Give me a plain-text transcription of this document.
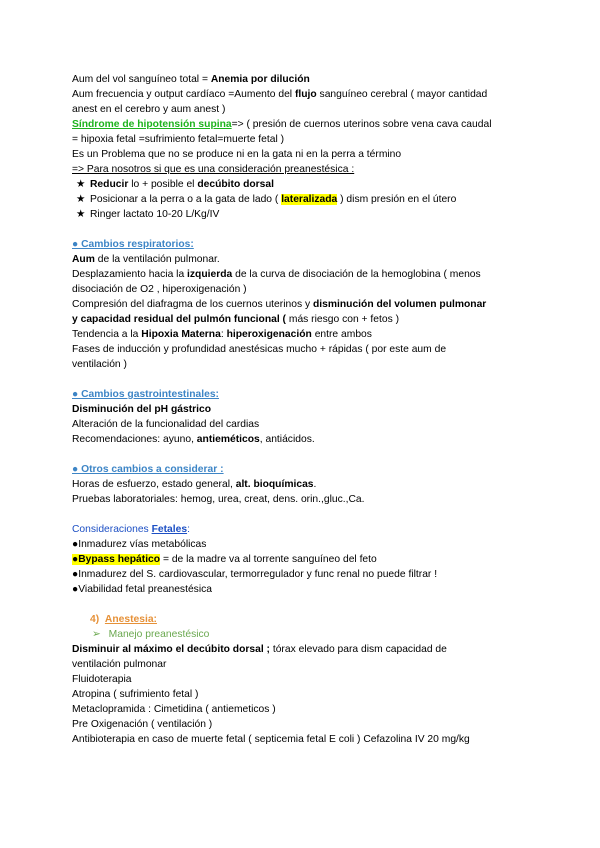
Aum del vol sanguíneo total = Anemia por dilución

Aum frecuencia y output cardíaco =Aumento del flujo sanguíneo cerebral ( mayor cantidad

anest en el cerebro y aum anest )

Síndrome de hipotensión supina=> ( presión de cuernos uterinos sobre vena cava caudal

= hipoxia fetal =sufrimiento fetal=muerte fetal )

Es un Problema que no se produce ni en la gata ni en la perra a término

=> Para nosotros si que es una consideración preanestésica :

★ Reducir lo + posible el decúbito dorsal

★ Posicionar a la perra o a la gata de lado ( lateralizada ) dism presión en el útero

★ Ringer lactato 10-20 L/Kg/IV

● Cambios respiratorios:

Aum de la ventilación pulmonar.

Desplazamiento hacia la izquierda de la curva de disociación de la hemoglobina ( menos

disociación de O2 , hiperoxigenación )

Compresión del diafragma de los cuernos uterinos y disminución del volumen pulmonar

y capacidad residual del pulmón funcional ( más riesgo con + fetos )

Tendencia a la Hipoxia Materna: hiperoxigenación entre ambos

Fases de inducción y profundidad anestésicas mucho + rápidas ( por este aum de

ventilación )

● Cambios gastrointestinales:

Disminución del pH gástrico

Alteración de la funcionalidad del cardias

Recomendaciones: ayuno, antieméticos, antiácidos.

● Otros cambios a considerar :

Horas de esfuerzo, estado general, alt. bioquímicas.

Pruebas laboratoriales: hemog, urea, creat, dens. orin.,gluc.,Ca.

Consideraciones Fetales:

●Inmadurez vías metabólicas

●Bypass hepático = de la madre va al torrente sanguíneo del feto

●Inmadurez del S. cardiovascular, termorregulador y func renal no puede filtrar !

●Viabilidad fetal preanestésica

4) Anestesia:

➢ Manejo preanestésico

Disminuir al máximo el decúbito dorsal ; tórax elevado para dism capacidad de

ventilación pulmonar

Fluidoterapia

Atropina ( sufrimiento fetal )

Metaclopramida : Cimetidina ( antiemeticos )

Pre Oxigenación ( ventilación )

Antibioterapia en caso de muerte fetal ( septicemia fetal E coli ) Cefazolina IV 20 mg/kg
